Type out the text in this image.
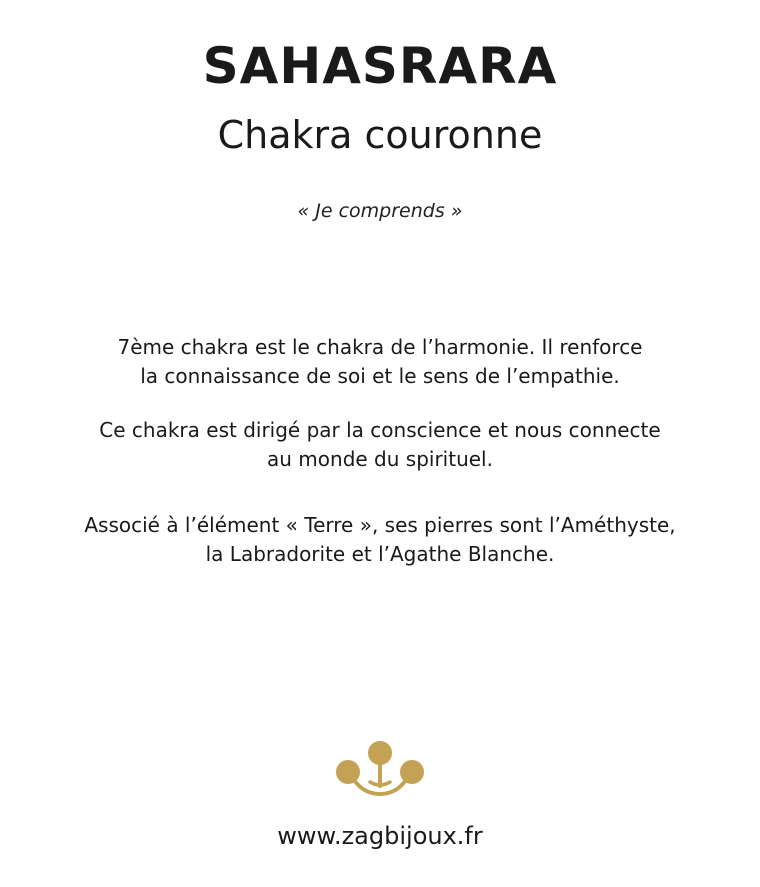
SAHASRARA
Chakra couronne
« Je comprends »
7ème chakra est le chakra de l’harmonie. Il renforce
la connaissance de soi et le sens de l’empathie.
Ce chakra est dirigé par la conscience et nous connecte
au monde du spirituel.
Associé à l’élément « Terre », ses pierres sont l’Améthyste,
la Labradorite et l’Agathe Blanche.
www.zagbijoux.fr
